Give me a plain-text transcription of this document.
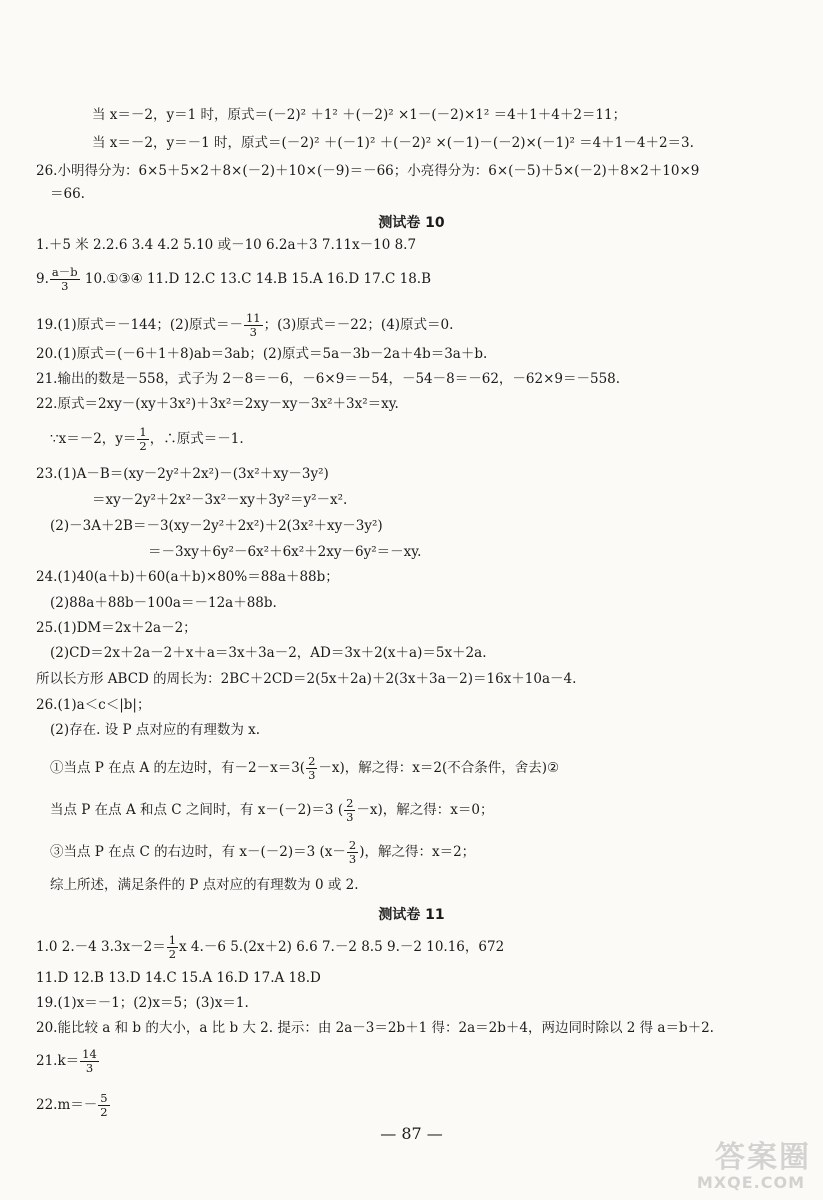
当 x＝－2，y＝1 时，原式＝(－2)² ＋1² ＋(－2)² ×1－(－2)×1² ＝4＋1＋4＋2＝11；
当 x＝－2，y＝－1 时，原式＝(－2)² ＋(－1)² ＋(－2)² ×(－1)－(－2)×(－1)² ＝4＋1－4＋2＝3.
26.小明得分为：6×5＋5×2＋8×(－2)＋10×(－9)＝－66；小亮得分为：6×(－5)＋5×(－2)＋8×2＋10×9
＝66.
测试卷 10
1.＋5 米 2.2.6 3.4 4.2 5.10 或－10 6.2a＋3 7.11x－10 8.7
9. $\frac{a-b}{3}$ 10.①③④ 11.D 12.C 13.C 14.B 15.A 16.D 17.C 18.B
19.(1)原式＝－144；(2)原式＝－ $\frac{11}{3}$ ；(3)原式＝－22；(4)原式＝0.
20.(1)原式＝(－6＋1＋8)ab＝3ab；(2)原式＝5a－3b－2a＋4b＝3a＋b.
21.输出的数是－558，式子为 2－8＝－6，－6×9＝－54，－54－8＝－62，－62×9＝－558.
22.原式＝2xy－(xy＋3x²)＋3x²＝2xy－xy－3x²＋3x²＝xy.
∵x＝－2，$y= \frac{1}{2}$ ，∴原式＝－1.
23.(1)A－B＝(xy－2y²＋2x²)－(3x²＋xy－3y²)
＝xy－2y²＋2x²－3x²－xy＋3y²＝y²－x².
(2)－3A＋2B＝－3(xy－2y²＋2x²)＋2(3x²＋xy－3y²)
＝－3xy＋6y²－6x²＋6x²＋2xy－6y²＝－xy.
24.(1)40(a＋b)＋60(a＋b)×80%＝88a＋88b；
(2)88a＋88b－100a＝－12a＋88b.
25.(1)DM＝2x＋2a－2；
(2)CD＝2x＋2a－2＋x＋a＝3x＋3a－2，AD＝3x＋2(x＋a)＝5x＋2a.
所以长方形 ABCD 的周长为：2BC＋2CD＝2(5x＋2a)＋2(3x＋3a－2)＝16x＋10a－4.
26.(1)a＜c＜|b|；
(2)存在. 设 P 点对应的有理数为 x.
①当点 P 在点 A 的左边时，有$-2-x=3( \frac{2}{3} -x)$，解之得：x＝2(不合条件，舍去)②
当点 P 在点 A 和点 C 之间时，有 x－(－2)＝3 ( $\frac{2}{3} -x$)，解之得：x＝0；
③当点 P 在点 C 的右边时，有 x－(－2)＝3 ($x- \frac{2}{3}$ )，解之得：x＝2；
综上所述，满足条件的 P 点对应的有理数为 0 或 2.
测试卷 11
1.0 2.－4 $3.3x-2= \frac{1}{2}$ x 4.－6 5.(2x＋2) 6.6 7.－2 8.5 9.－2 10.16，672
11.D 12.B 13.D 14.C 15.A 16.D 17.A 18.D
19.(1)x＝－1；(2)x＝5；(3)x＝1.
20.能比较 a 和 b 的大小，a 比 b 大 2. 提示：由 2a－3＝2b＋1 得：2a＝2b＋4，两边同时除以 2 得 a＝b＋2.
$21.k= \frac{14}{3}$
$22.m=- \frac{5}{2}$
— 87 —
答案圈
MXQE.COM
